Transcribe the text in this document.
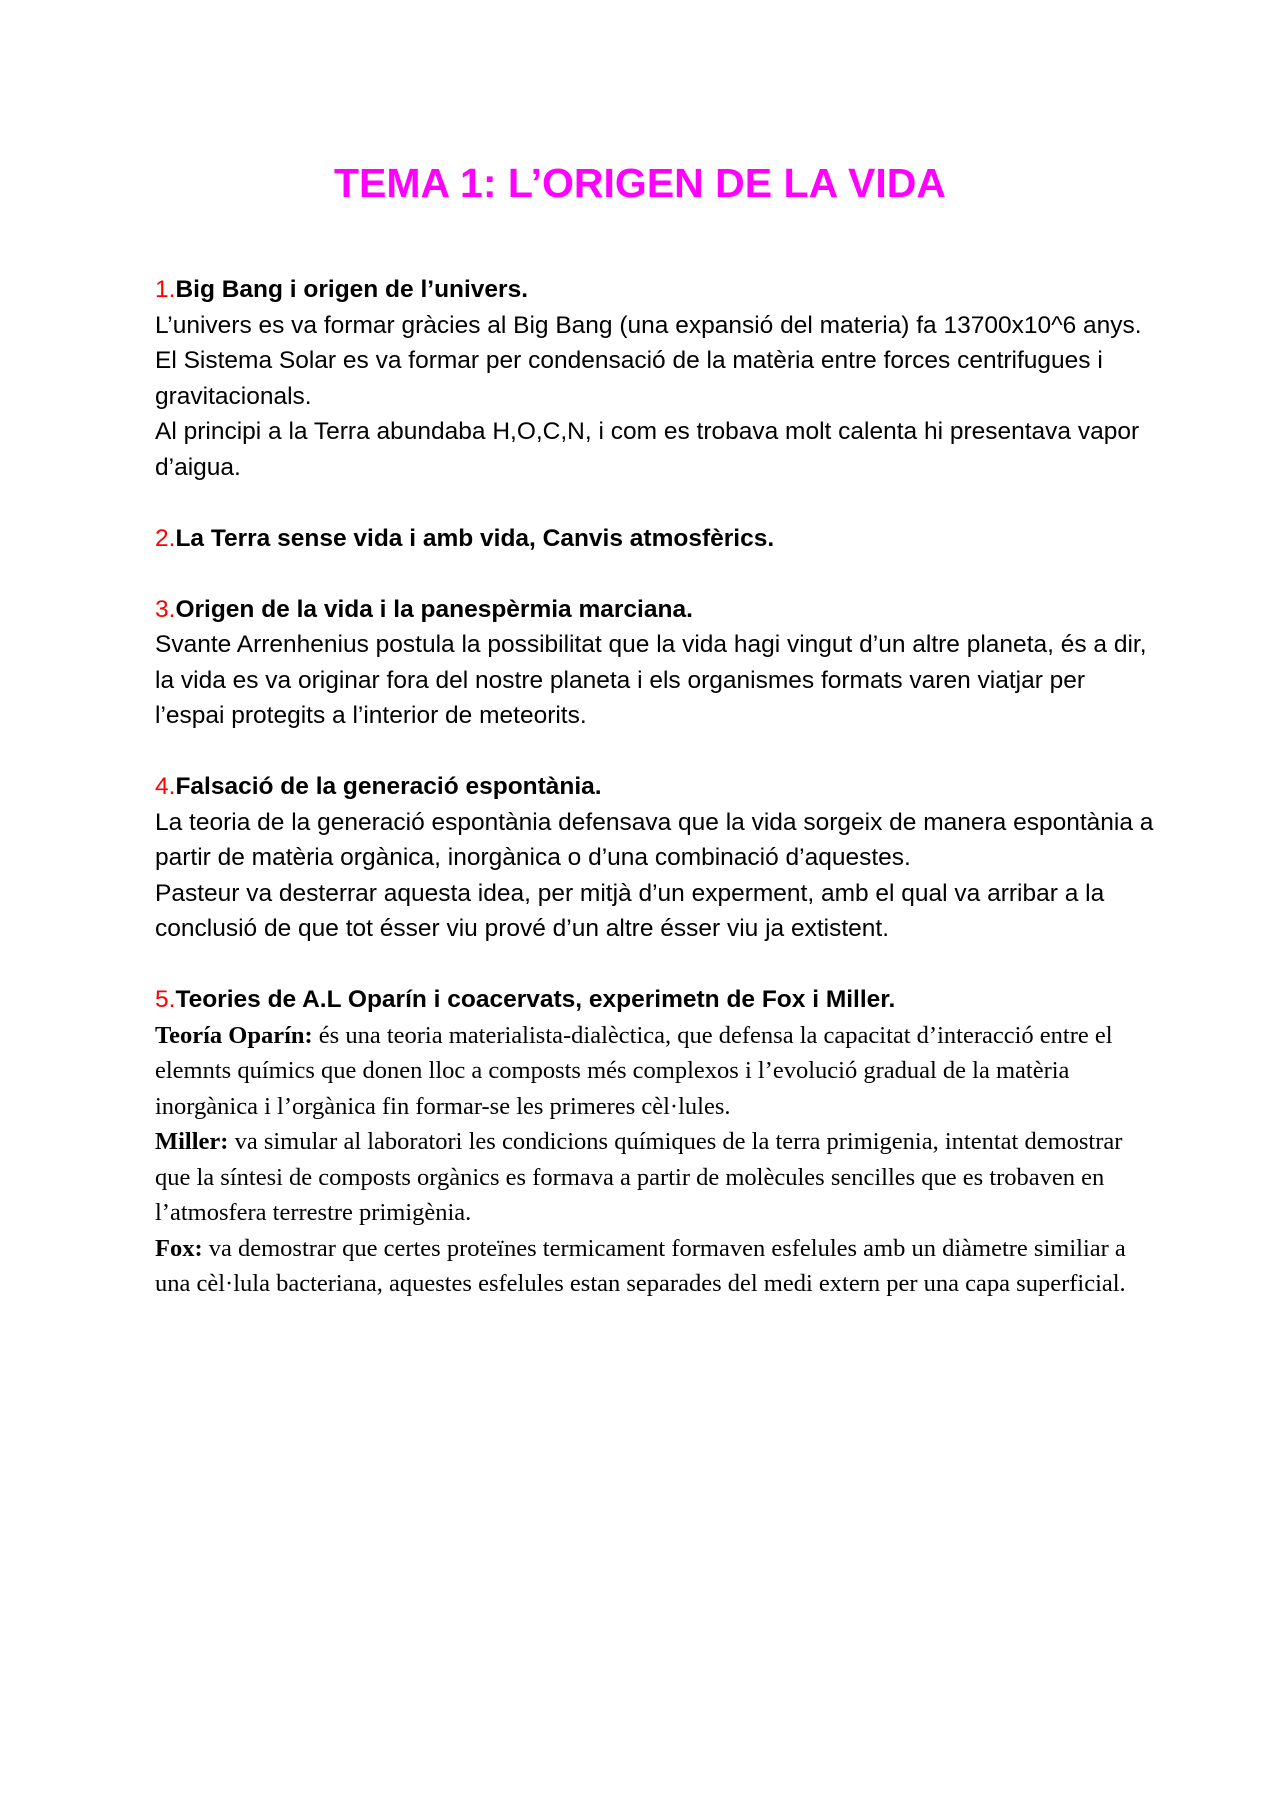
TEMA 1: L’ORIGEN DE LA VIDA

1.Big Bang i origen de l’univers.

L’univers es va formar gràcies al Big Bang (una expansió del materia) fa 13700x10^6 anys.

El Sistema Solar es va formar per condensació de la matèria entre forces centrifugues i gravitacionals.

Al principi a la Terra abundaba H,O,C,N, i com es trobava molt calenta hi presentava vapor d’aigua.

2.La Terra sense vida i amb vida, Canvis atmosfèrics.

3.Origen de la vida i la panespèrmia marciana.

Svante Arrenhenius postula la possibilitat que la vida hagi vingut d’un altre planeta, és a dir, la vida es va originar fora del nostre planeta i els organismes formats varen viatjar per l’espai protegits a l’interior de meteorits.

4.Falsació de la generació espontània.

La teoria de la generació espontània defensava que la vida sorgeix de manera espontània a partir de matèria orgànica, inorgànica o d’una combinació d’aquestes.

Pasteur va desterrar aquesta idea, per mitjà d’un experment, amb el qual va arribar a la conclusió de que tot ésser viu prové d’un altre ésser viu ja extistent.

5.Teories de A.L Oparín i coacervats, experimetn de Fox i Miller.

Teoría Oparín: és una teoria materialista-dialèctica, que defensa la capacitat d’interacció entre el elemnts químics que donen lloc a composts més complexos i l’evolució gradual de la matèria inorgànica i l’orgànica fin formar-se les primeres cèl·lules.

Miller: va simular al laboratori les condicions químiques de la terra primigenia, intentat demostrar que la síntesi de composts orgànics es formava a partir de molècules sencilles que es trobaven en l’atmosfera terrestre primigènia.

Fox: va demostrar que certes proteïnes termicament formaven esfelules amb un diàmetre similiar a una cèl·lula bacteriana, aquestes esfelules estan separades del medi extern per una capa superficial.
